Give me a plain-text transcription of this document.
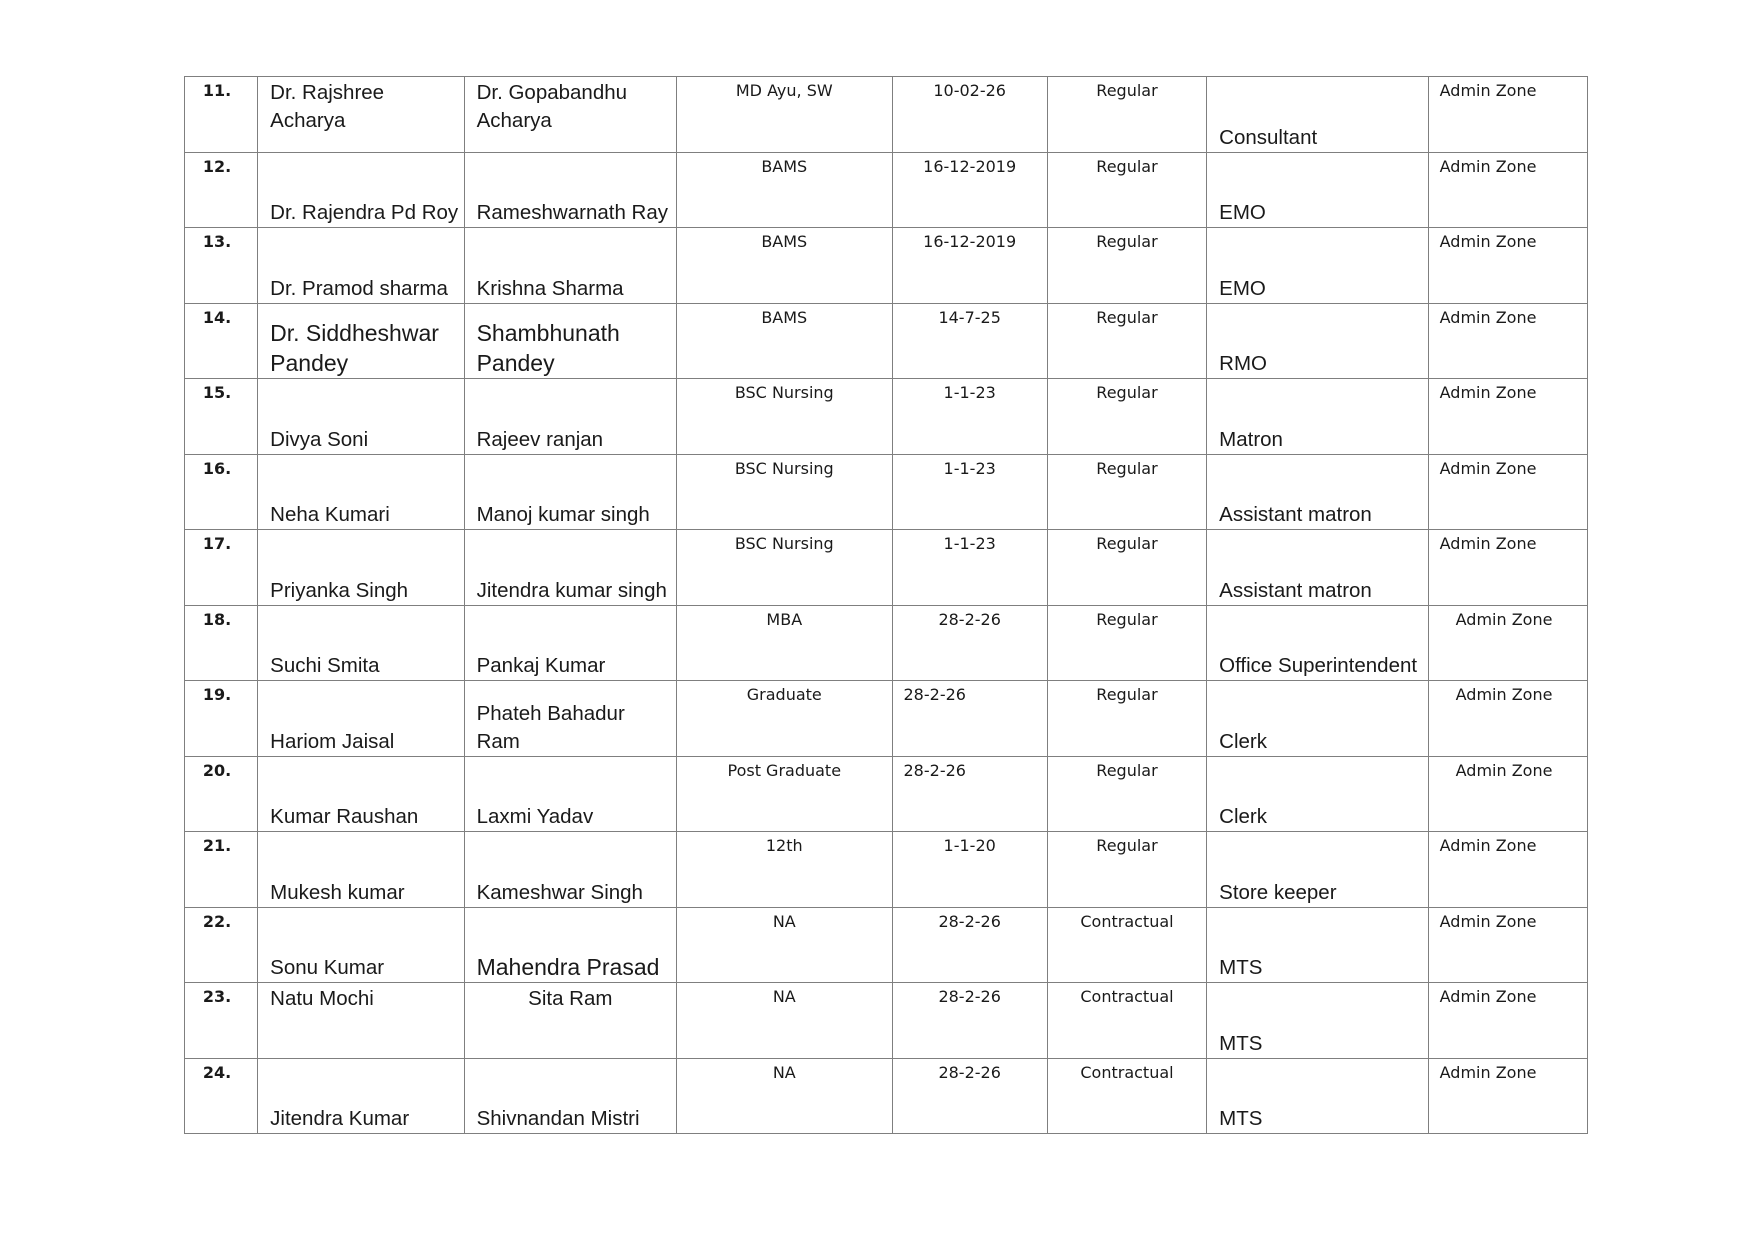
11.	Dr. Rajshree Acharya	Dr. Gopabandhu Acharya	MD Ayu, SW	10-02-26	Regular	Consultant	Admin Zone

12.	Dr. Rajendra Pd Roy	Rameshwarnath Ray	BAMS	16-12-2019	Regular	EMO	Admin Zone

13.	Dr. Pramod sharma	Krishna Sharma	BAMS	16-12-2019	Regular	EMO	Admin Zone

14.	Dr. Siddheshwar Pandey	Shambhunath Pandey	BAMS	14-7-25	Regular	RMO	Admin Zone

15.	Divya Soni	Rajeev ranjan	BSC Nursing	1-1-23	Regular	Matron	Admin Zone

16.	Neha Kumari	Manoj kumar singh	BSC Nursing	1-1-23	Regular	Assistant matron	Admin Zone

17.	Priyanka Singh	Jitendra kumar singh	BSC Nursing	1-1-23	Regular	Assistant matron	Admin Zone

18.	Suchi Smita	Pankaj Kumar	MBA	28-2-26	Regular	Office Superintendent	Admin Zone

19.	Hariom Jaisal	Phateh Bahadur Ram	Graduate	28-2-26	Regular	Clerk	Admin Zone

20.	Kumar Raushan	Laxmi Yadav	Post Graduate	28-2-26	Regular	Clerk	Admin Zone

21.	Mukesh kumar	Kameshwar Singh	12th	1-1-20	Regular	Store keeper	Admin Zone

22.	Sonu Kumar	Mahendra Prasad	NA	28-2-26	Contractual	MTS	Admin Zone

23.	Natu Mochi	Sita Ram	NA	28-2-26	Contractual	MTS	Admin Zone

24.	Jitendra Kumar	Shivnandan Mistri	NA	28-2-26	Contractual	MTS	Admin Zone
